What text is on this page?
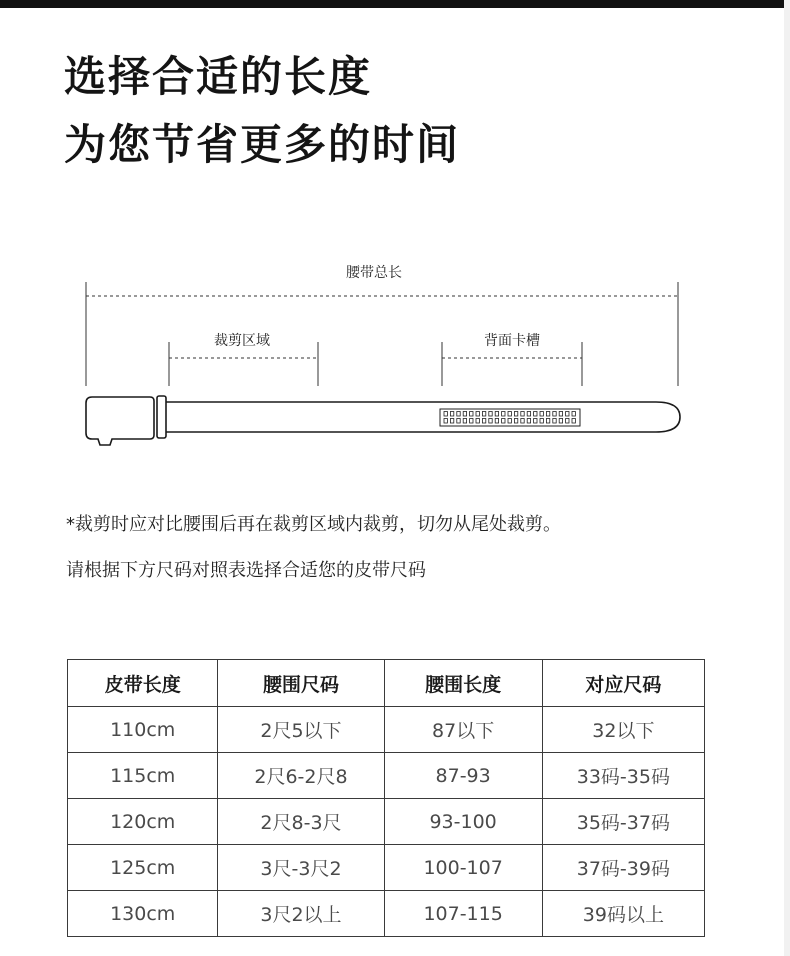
选择合适的长度
为您节省更多的时间
腰带总长
裁剪区域	背面卡槽

*裁剪时应对比腰围后再在裁剪区域内裁剪，切勿从尾处裁剪。

请根据下方尺码对照表选择合适您的皮带尺码

皮带长度	腰围尺码	腰围长度	对应尺码
110cm	2尺5以下	87以下	32以下
115cm	2尺6-2尺8	87-93	33码-35码
120cm	2尺8-3尺	93-100	35码-37码
125cm	3尺-3尺2	100-107	37码-39码
130cm	3尺2以上	107-115	39码以上
